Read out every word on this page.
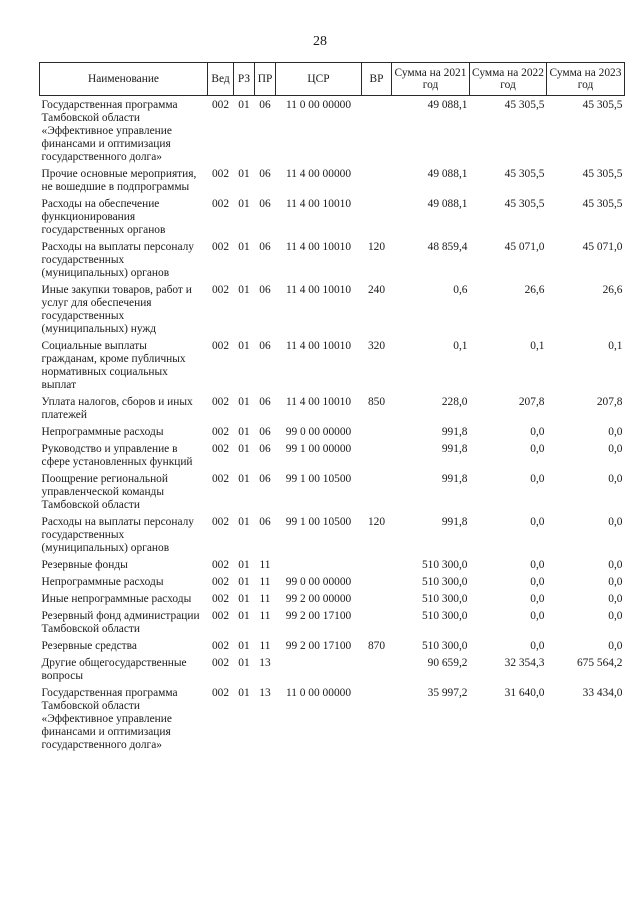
28
Наименование	Вед	РЗ	ПР	ЦСР	ВР	Сумма на 2021 год	Сумма на 2022 год	Сумма на 2023 год
Государственная программа Тамбовской области «Эффективное управление финансами и оптимизация государственного долга»	002	01	06	11 0 00 00000		49 088,1	45 305,5	45 305,5
Прочие основные мероприятия, не вошедшие в подпрограммы	002	01	06	11 4 00 00000		49 088,1	45 305,5	45 305,5
Расходы на обеспечение функционирования государственных органов	002	01	06	11 4 00 10010		49 088,1	45 305,5	45 305,5
Расходы на выплаты персоналу государственных (муниципальных) органов	002	01	06	11 4 00 10010	120	48 859,4	45 071,0	45 071,0
Иные закупки товаров, работ и услуг для обеспечения государственных (муниципальных) нужд	002	01	06	11 4 00 10010	240	0,6	26,6	26,6
Социальные выплаты гражданам, кроме публичных нормативных социальных выплат	002	01	06	11 4 00 10010	320	0,1	0,1	0,1
Уплата налогов, сборов и иных платежей	002	01	06	11 4 00 10010	850	228,0	207,8	207,8
Непрограммные расходы	002	01	06	99 0 00 00000		991,8	0,0	0,0
Руководство и управление в сфере установленных функций	002	01	06	99 1 00 00000		991,8	0,0	0,0
Поощрение региональной управленческой команды Тамбовской области	002	01	06	99 1 00 10500		991,8	0,0	0,0
Расходы на выплаты персоналу государственных (муниципальных) органов	002	01	06	99 1 00 10500	120	991,8	0,0	0,0
Резервные фонды	002	01	11			510 300,0	0,0	0,0
Непрограммные расходы	002	01	11	99 0 00 00000		510 300,0	0,0	0,0
Иные непрограммные расходы	002	01	11	99 2 00 00000		510 300,0	0,0	0,0
Резервный фонд администрации Тамбовской области	002	01	11	99 2 00 17100		510 300,0	0,0	0,0
Резервные средства	002	01	11	99 2 00 17100	870	510 300,0	0,0	0,0
Другие общегосударственные вопросы	002	01	13			90 659,2	32 354,3	675 564,2
Государственная программа Тамбовской области «Эффективное управление финансами и оптимизация государственного долга»	002	01	13	11 0 00 00000		35 997,2	31 640,0	33 434,0
